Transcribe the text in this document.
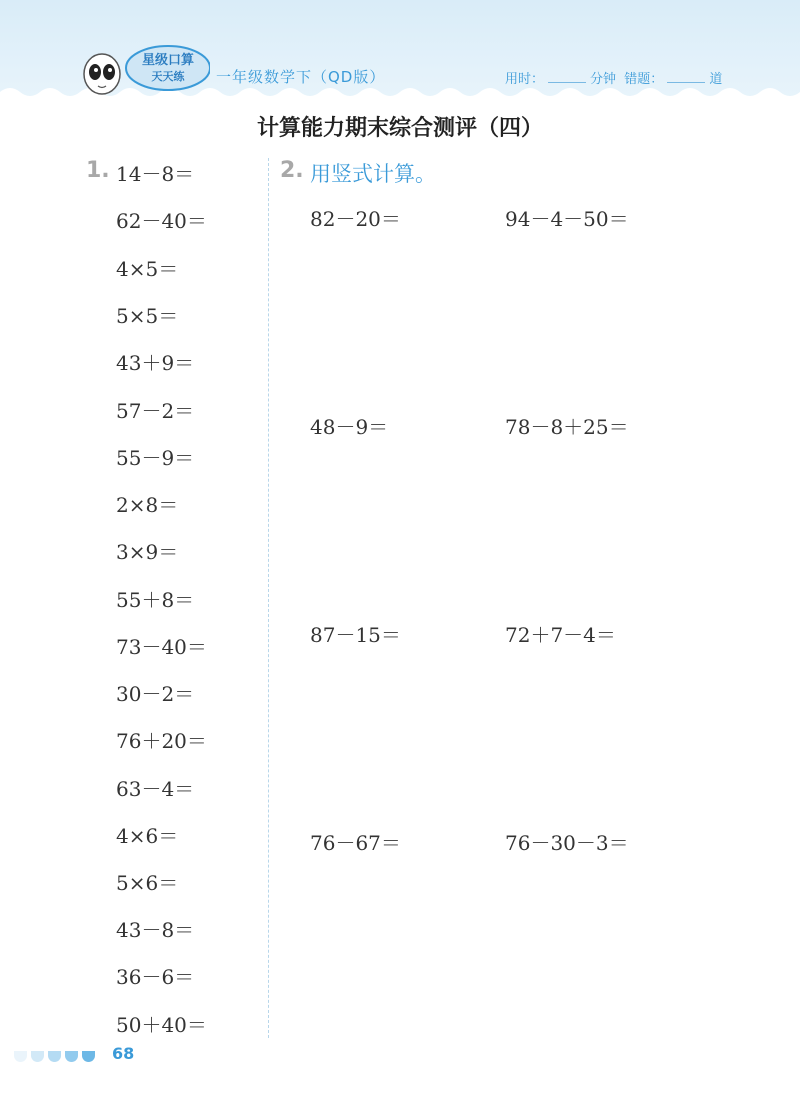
星级口算
天天练 一年级数学下（QD版）	用时：	分钟 错题：	道
计算能力期末综合测评（四）
1. 14－8＝
62－40＝
4×5＝
5×5＝
43＋9＝
57－2＝
55－9＝
2×8＝
3×9＝
55＋8＝
73－40＝
30－2＝
76＋20＝
63－4＝
4×6＝
5×6＝
43－8＝
36－6＝
50＋40＝
2. 用竖式计算。
82－20＝	94－4－50＝
48－9＝	78－8＋25＝
87－15＝	72＋7－4＝
76－67＝	76－30－3＝
68
